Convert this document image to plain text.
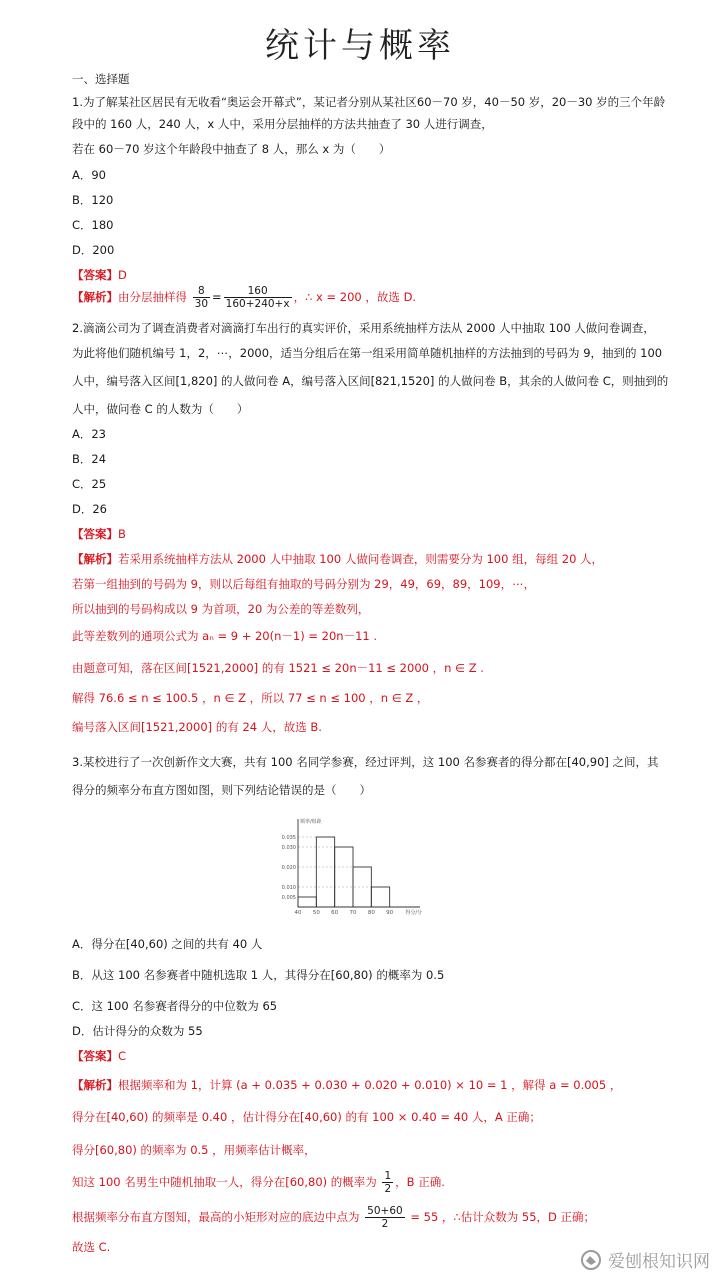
统计与概率
一、选择题
1.为了解某社区居民有无收看“奥运会开幕式”，某记者分别从某社区60－70 岁，40－50 岁，20－30 岁的三个年龄
段中的 160 人，240 人，x 人中，采用分层抽样的方法共抽查了 30 人进行调查，
若在 60－70 岁这个年龄段中抽查了 8 人，那么 x 为（　　）
A．90
B．120
C．180
D．200
【答案】D
【解析】由分层抽样得 $\frac{8}{30} = \frac{160}{160+240+x}$ ，∴ x = 200 ，故选 D.
2.滴滴公司为了调查消费者对滴滴打车出行的真实评价，采用系统抽样方法从 2000 人中抽取 100 人做问卷调查，
为此将他们随机编号 1，2，⋯，2000，适当分组后在第一组采用简单随机抽样的方法抽到的号码为 9，抽到的 100
人中，编号落入区间[1,820] 的人做问卷 A，编号落入区间[821,1520] 的人做问卷 B，其余的人做问卷 C，则抽到的
人中，做问卷 C 的人数为（　　）
A．23
B．24
C．25
D．26
【答案】B
【解析】若采用系统抽样方法从 2000 人中抽取 100 人做问卷调查，则需要分为 100 组，每组 20 人，
若第一组抽到的号码为 9，则以后每组有抽取的号码分别为 29，49，69，89，109，⋯，
所以抽到的号码构成以 9 为首项，20 为公差的等差数列，
此等差数列的通项公式为 aₙ = 9 + 20(n－1) = 20n－11 .
由题意可知，落在区间[1521,2000] 的有 1521 ≤ 20n－11 ≤ 2000 ，n ∈ Z .
解得 76.6 ≤ n ≤ 100.5 ，n ∈ Z ，所以 77 ≤ n ≤ 100 ，n ∈ Z ，
编号落入区间[1521,2000] 的有 24 人，故选 B.
3.某校进行了一次创新作文大赛，共有 100 名同学参赛，经过评判，这 100 名参赛者的得分都在[40,90] 之间，其
得分的频率分布直方图如图，则下列结论错误的是（　　）
0.035
0.030
0.020
0.010
0.005
40 50 60 70 80 90
频率/组距
得分/分
A．得分在[40,60) 之间的共有 40 人
B．从这 100 名参赛者中随机选取 1 人，其得分在[60,80) 的概率为 0.5
C．这 100 名参赛者得分的中位数为 65
D．估计得分的众数为 55
【答案】C
【解析】根据频率和为 1，计算 (a + 0.035 + 0.030 + 0.020 + 0.010) × 10 = 1 ，解得 a = 0.005 ，
得分在[40,60) 的频率是 0.40 ，估计得分在[40,60) 的有 100 × 0.40 = 40 人，A 正确；
得分[60,80) 的频率为 0.5 ，用频率估计概率，
知这 100 名男生中随机抽取一人，得分在[60,80) 的概率为 $\frac{1}{2}$ ，B 正确.
根据频率分布直方图知，最高的小矩形对应的底边中点为 $\frac{50+60}{2} = 55$ ，∴估计众数为 55，D 正确；
故选 C.
爱刨根知识网
